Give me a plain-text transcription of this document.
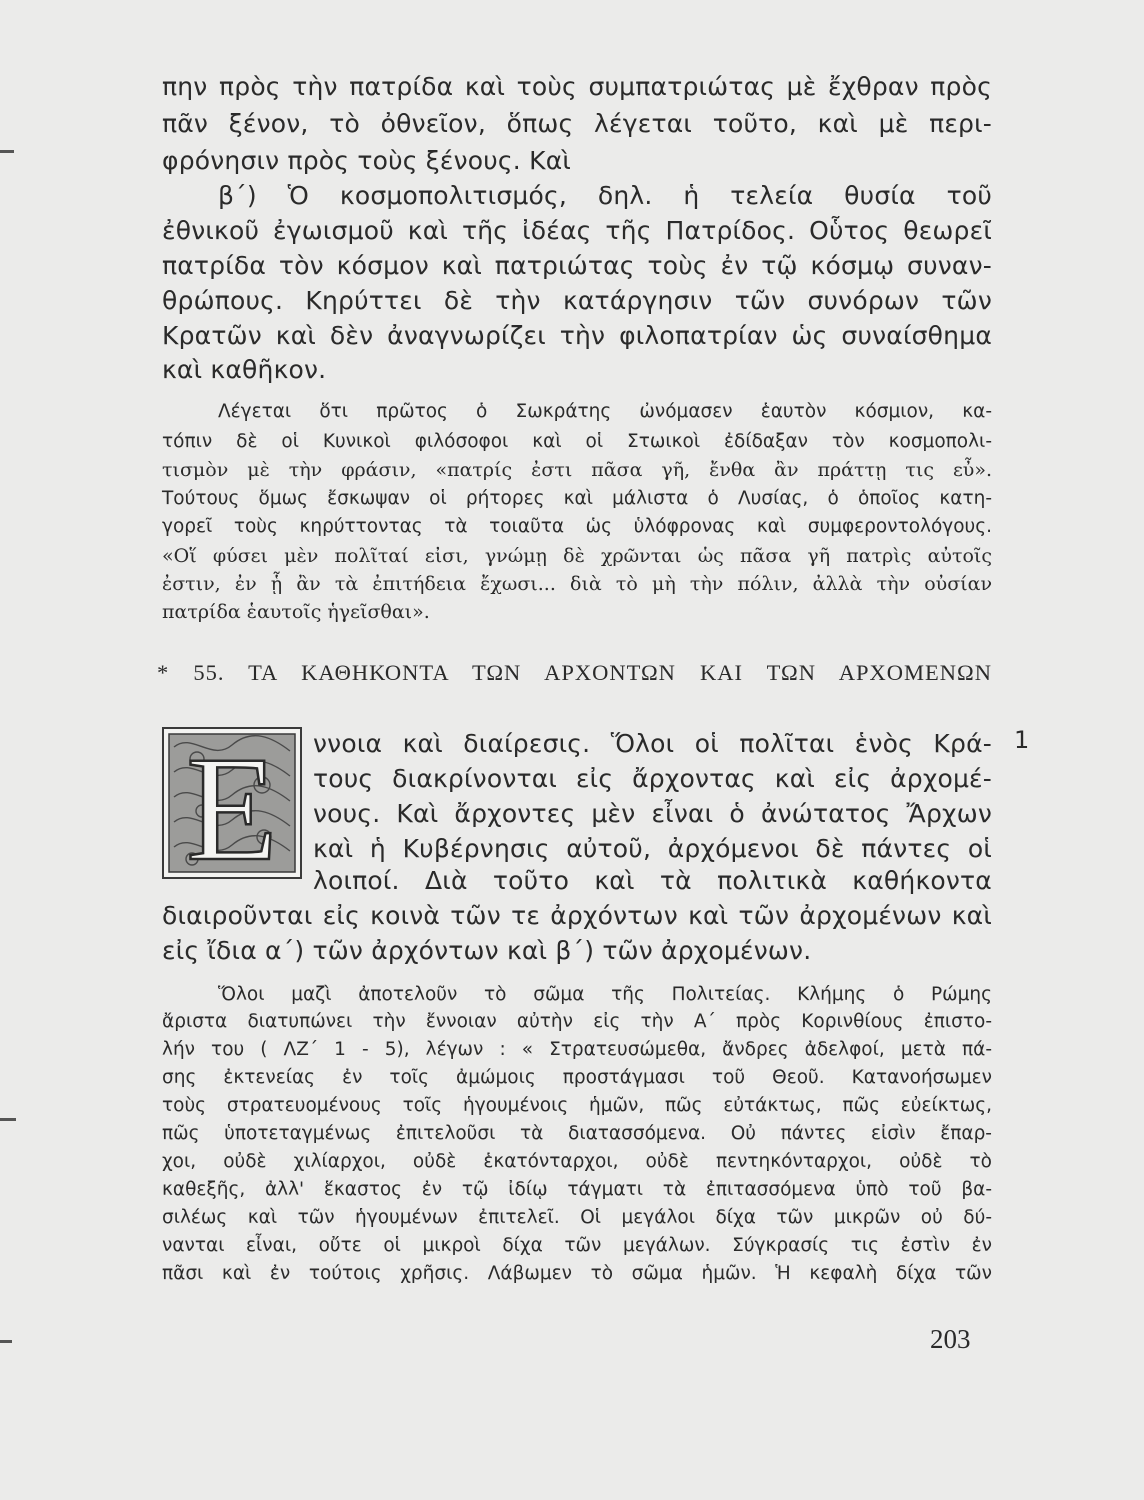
πην πρὸς τὴν πατρίδα καὶ τοὺς συμπατριώτας μὲ ἔχθραν πρὸς
πᾶν ξένον, τὸ ὀθνεῖον, ὅπως λέγεται τοῦτο, καὶ μὲ περι-
φρόνησιν πρὸς τοὺς ξένους. Καὶ
β΄) Ὁ κοσμοπολιτισμός, δηλ. ἡ τελεία θυσία τοῦ
ἐθνικοῦ ἐγωισμοῦ καὶ τῆς ἰδέας τῆς Πατρίδος. Οὗτος θεωρεῖ
πατρίδα τὸν κόσμον καὶ πατριώτας τοὺς ἐν τῷ κόσμῳ συναν-
θρώπους. Κηρύττει δὲ τὴν κατάργησιν τῶν συνόρων τῶν
Κρατῶν καὶ δὲν ἀναγνωρίζει τὴν φιλοπατρίαν ὡς συναίσθημα
καὶ καθῆκον.
Λέγεται ὅτι πρῶτος ὁ Σωκράτης ὠνόμασεν ἑαυτὸν κόσμιον, κα-
τόπιν δὲ οἱ Κυνικοὶ φιλόσοφοι καὶ οἱ Στωικοὶ ἐδίδαξαν τὸν κοσμοπολι-
τισμὸν μὲ τὴν φράσιν, «πατρίς ἐστι πᾶσα γῆ, ἔνθα ἂν πράττῃ τις εὖ».
Τούτους ὅμως ἔσκωψαν οἱ ρήτορες καὶ μάλιστα ὁ Λυσίας, ὁ ὁποῖος κατη-
γορεῖ τοὺς κηρύττοντας τὰ τοιαῦτα ὡς ὑλόφρονας καὶ συμφεροντολόγους.
«Οἵ φύσει μὲν πολῖταί εἰσι, γνώμῃ δὲ χρῶνται ὡς πᾶσα γῆ πατρὶς αὐτοῖς
ἐστιν, ἐν ᾗ ἂν τὰ ἐπιτήδεια ἔχωσι... διὰ τὸ μὴ τὴν πόλιν, ἀλλὰ τὴν οὐσίαν
πατρίδα ἑαυτοῖς ἡγεῖσθαι».
* 55. ΤΑ ΚΑΘΗΚΟΝΤΑ ΤΩΝ ΑΡΧΟΝΤΩΝ ΚΑΙ ΤΩΝ ΑΡΧΟΜΕΝΩΝ
Ε	1
ννοια καὶ διαίρεσις. Ὅλοι οἱ πολῖται ἑνὸς Κρά-
τους διακρίνονται εἰς ἄρχοντας καὶ εἰς ἀρχομέ-
νους. Καὶ ἄρχοντες μὲν εἶναι ὁ ἀνώτατος Ἄρχων
καὶ ἡ Κυβέρνησις αὐτοῦ, ἀρχόμενοι δὲ πάντες οἱ
λοιποί. Διὰ τοῦτο καὶ τὰ πολιτικὰ καθήκοντα
διαιροῦνται εἰς κοινὰ τῶν τε ἀρχόντων καὶ τῶν ἀρχομένων καὶ
εἰς ἴδια α΄) τῶν ἀρχόντων καὶ β΄) τῶν ἀρχομένων.
Ὅλοι μαζὶ ἀποτελοῦν τὸ σῶμα τῆς Πολιτείας. Κλήμης ὁ Ρώμης
ἄριστα διατυπώνει τὴν ἔννοιαν αὐτὴν εἰς τὴν Α΄ πρὸς Κορινθίους ἐπιστο-
λήν του ( ΛΖ΄ 1 - 5), λέγων : « Στρατευσώμεθα, ἄνδρες ἀδελφοί, μετὰ πά-
σης ἐκτενείας ἐν τοῖς ἀμώμοις προστάγμασι τοῦ Θεοῦ. Κατανοήσωμεν
τοὺς στρατευομένους τοῖς ἡγουμένοις ἡμῶν, πῶς εὐτάκτως, πῶς εὐείκτως,
πῶς ὑποτεταγμένως ἐπιτελοῦσι τὰ διατασσόμενα. Οὐ πάντες εἰσὶν ἔπαρ-
χοι, οὐδὲ χιλίαρχοι, οὐδὲ ἑκατόνταρχοι, οὐδὲ πεντηκόνταρχοι, οὐδὲ τὸ
καθεξῆς, ἀλλ' ἕκαστος ἐν τῷ ἰδίῳ τάγματι τὰ ἐπιτασσόμενα ὑπὸ τοῦ βα-
σιλέως καὶ τῶν ἡγουμένων ἐπιτελεῖ. Οἱ μεγάλοι δίχα τῶν μικρῶν οὐ δύ-
νανται εἶναι, οὔτε οἱ μικροὶ δίχα τῶν μεγάλων. Σύγκρασίς τις ἐστὶν ἐν
πᾶσι καὶ ἐν τούτοις χρῆσις. Λάβωμεν τὸ σῶμα ἡμῶν. Ἡ κεφαλὴ δίχα τῶν
203
